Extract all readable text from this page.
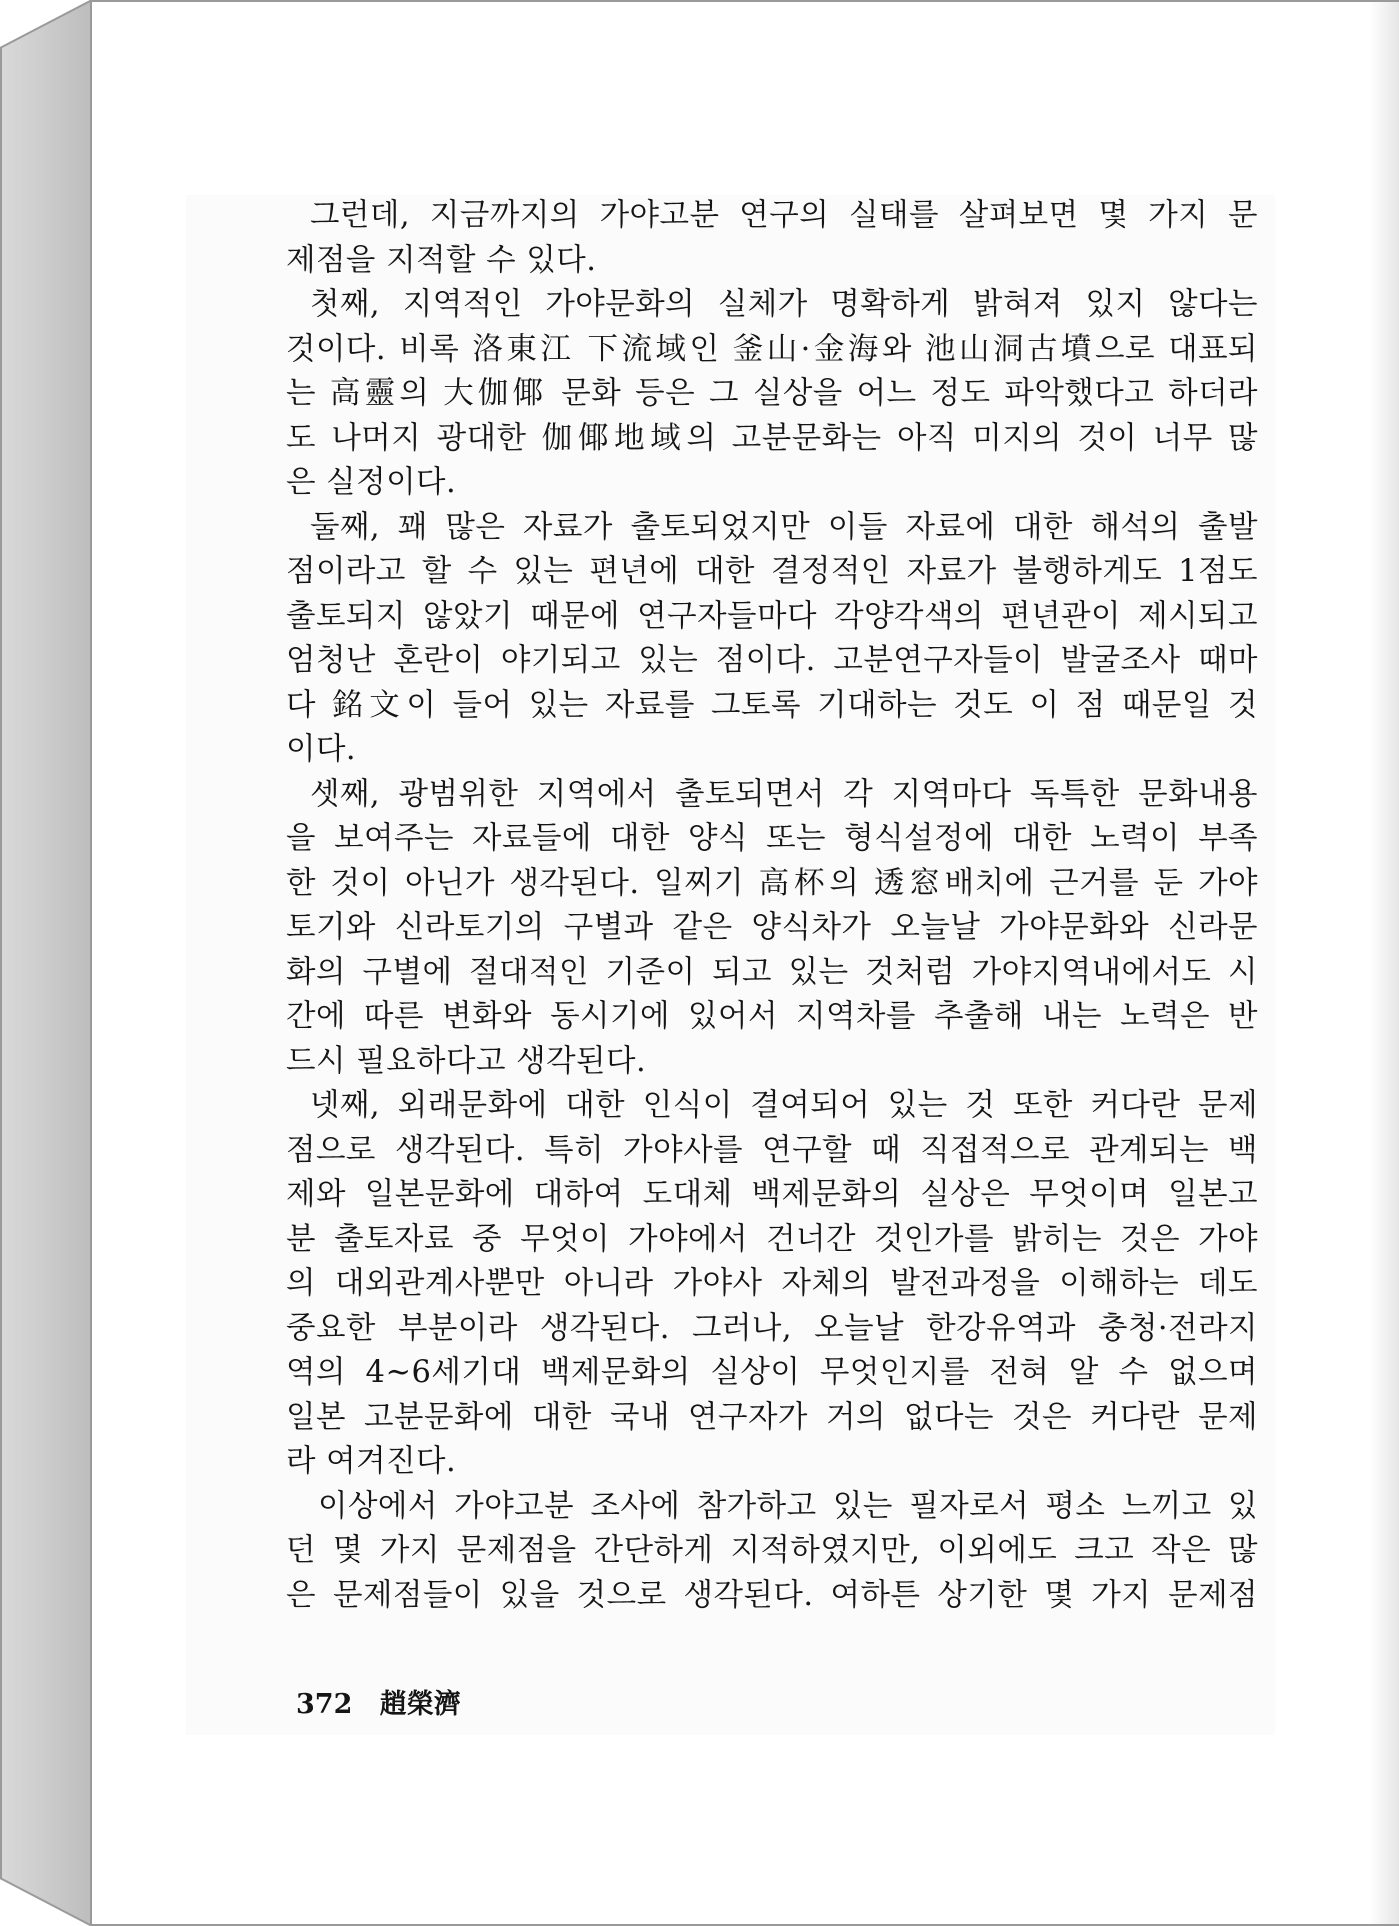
그런데, 지금까지의 가야고분 연구의 실태를 살펴보면 몇 가지 문
제점을 지적할 수 있다.
첫째, 지역적인 가야문화의 실체가 명확하게 밝혀져 있지 않다는
것이다. 비록 洛東江 下流域인 釜山·金海와 池山洞古墳으로 대표되
는 高靈의 大伽倻 문화 등은 그 실상을 어느 정도 파악했다고 하더라
도 나머지 광대한 伽倻地域의 고분문화는 아직 미지의 것이 너무 많
은 실정이다.
둘째, 꽤 많은 자료가 출토되었지만 이들 자료에 대한 해석의 출발
점이라고 할 수 있는 편년에 대한 결정적인 자료가 불행하게도 1점도
출토되지 않았기 때문에 연구자들마다 각양각색의 편년관이 제시되고
엄청난 혼란이 야기되고 있는 점이다. 고분연구자들이 발굴조사 때마
다 銘文이 들어 있는 자료를 그토록 기대하는 것도 이 점 때문일 것
이다.
셋째, 광범위한 지역에서 출토되면서 각 지역마다 독특한 문화내용
을 보여주는 자료들에 대한 양식 또는 형식설정에 대한 노력이 부족
한 것이 아닌가 생각된다. 일찌기 高杯의 透窓배치에 근거를 둔 가야
토기와 신라토기의 구별과 같은 양식차가 오늘날 가야문화와 신라문
화의 구별에 절대적인 기준이 되고 있는 것처럼 가야지역내에서도 시
간에 따른 변화와 동시기에 있어서 지역차를 추출해 내는 노력은 반
드시 필요하다고 생각된다.
넷째, 외래문화에 대한 인식이 결여되어 있는 것 또한 커다란 문제
점으로 생각된다. 특히 가야사를 연구할 때 직접적으로 관계되는 백
제와 일본문화에 대하여 도대체 백제문화의 실상은 무엇이며 일본고
분 출토자료 중 무엇이 가야에서 건너간 것인가를 밝히는 것은 가야
의 대외관계사뿐만 아니라 가야사 자체의 발전과정을 이해하는 데도
중요한 부분이라 생각된다. 그러나, 오늘날 한강유역과 충청·전라지
역의 4~6세기대 백제문화의 실상이 무엇인지를 전혀 알 수 없으며
일본 고분문화에 대한 국내 연구자가 거의 없다는 것은 커다란 문제
라 여겨진다.
이상에서 가야고분 조사에 참가하고 있는 필자로서 평소 느끼고 있
던 몇 가지 문제점을 간단하게 지적하였지만, 이외에도 크고 작은 많
은 문제점들이 있을 것으로 생각된다. 여하튼 상기한 몇 가지 문제점
372 趙榮濟
